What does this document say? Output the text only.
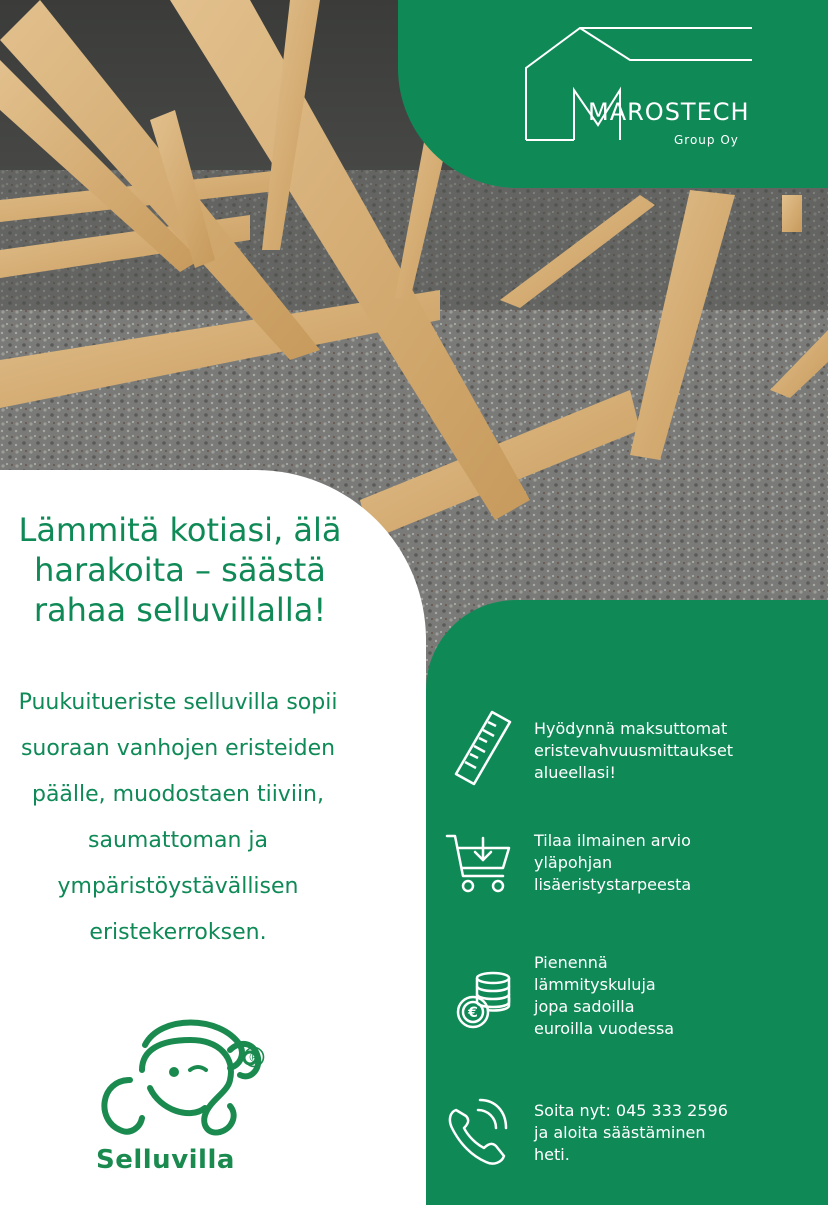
MAROSTECH
Group Oy
Lämmitä kotiasi, älä harakoita – säästä rahaa selluvillalla!
Puukuitueriste selluvilla sopii suoraan vanhojen eristeiden päälle, muodostaen tiiviin, saumattoman ja ympäristöystävällisen eristekerroksen.
®
Selluvilla
Hyödynnä maksuttomat
eristevahvuusmittaukset
alueellasi!
Tilaa ilmainen arvio
yläpohjan
lisäeristystarpeesta
€
Pienennä
lämmityskuluja
jopa sadoilla
euroilla vuodessa
Soita nyt: 045 333 2596
ja aloita säästäminen
heti.
